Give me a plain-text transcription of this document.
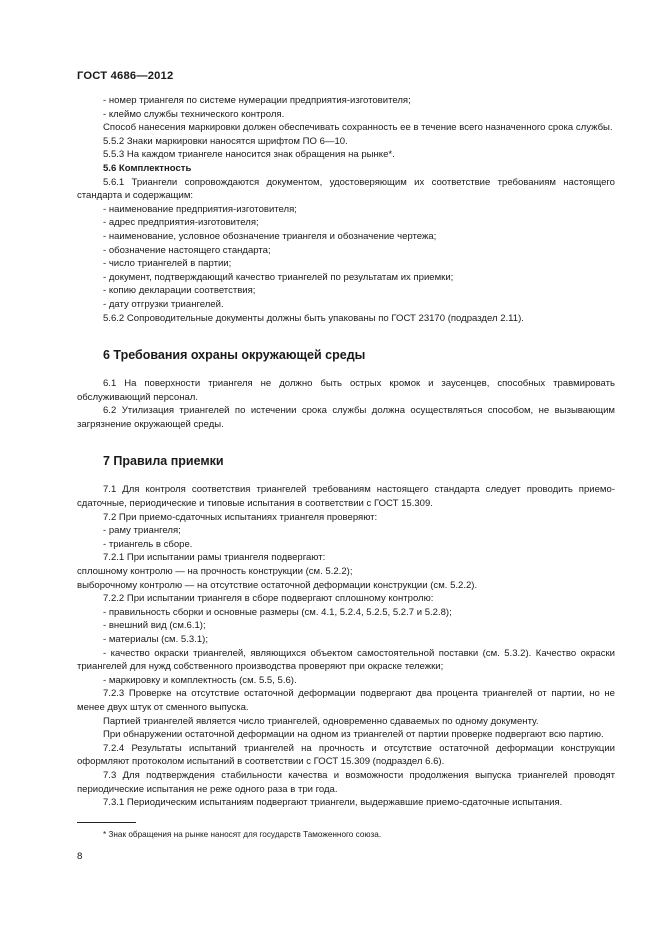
ГОСТ 4686—2012

- номер триангеля по системе нумерации предприятия-изготовителя;

- клеймо службы технического контроля.

Способ нанесения маркировки должен обеспечивать сохранность ее в течение всего назначенного срока службы.

5.5.2 Знаки маркировки наносятся шрифтом ПО 6—10.

5.5.3 На каждом триангеле наносится знак обращения на рынке*.

5.6 Комплектность

5.6.1 Триангели сопровождаются документом, удостоверяющим их соответствие требованиям настоящего стандарта и содержащим:

- наименование предприятия-изготовителя;

- адрес предприятия-изготовителя;

- наименование, условное обозначение триангеля и обозначение чертежа;

- обозначение настоящего стандарта;

- число триангелей в партии;

- документ, подтверждающий качество триангелей по результатам их приемки;

- копию декларации соответствия;

- дату отгрузки триангелей.

5.6.2 Сопроводительные документы должны быть упакованы по ГОСТ 23170 (подраздел 2.11).

6 Требования охраны окружающей среды

6.1 На поверхности триангеля не должно быть острых кромок и заусенцев, способных травмировать обслуживающий персонал.

6.2 Утилизация триангелей по истечении срока службы должна осуществляться способом, не вызывающим загрязнение окружающей среды.

7 Правила приемки

7.1 Для контроля соответствия триангелей требованиям настоящего стандарта следует проводить приемо-сдаточные, периодические и типовые испытания в соответствии с ГОСТ 15.309.

7.2 При приемо-сдаточных испытаниях триангеля проверяют:

- раму триангеля;

- триангель в сборе.

7.2.1 При испытании рамы триангеля подвергают:

сплошному контролю — на прочность конструкции (см. 5.2.2);

выборочному контролю — на отсутствие остаточной деформации конструкции (см. 5.2.2).

7.2.2 При испытании триангеля в сборе подвергают сплошному контролю:

- правильность сборки и основные размеры (см. 4.1, 5.2.4, 5.2.5, 5.2.7 и 5.2.8);

- внешний вид (см.6.1);

- материалы (см. 5.3.1);

- качество окраски триангелей, являющихся объектом самостоятельной поставки (см. 5.3.2). Качество окраски триангелей для нужд собственного производства проверяют при окраске тележки;

- маркировку и комплектность (см. 5.5, 5.6).

7.2.3 Проверке на отсутствие остаточной деформации подвергают два процента триангелей от партии, но не менее двух штук от сменного выпуска.

Партией триангелей является число триангелей, одновременно сдаваемых по одному документу.

При обнаружении остаточной деформации на одном из триангелей от партии проверке подвергают всю партию.

7.2.4 Результаты испытаний триангелей на прочность и отсутствие остаточной деформации конструкции оформляют протоколом испытаний в соответствии с ГОСТ 15.309 (подраздел 6.6).

7.3 Для подтверждения стабильности качества и возможности продолжения выпуска триангелей проводят периодические испытания не реже одного раза в три года.

7.3.1 Периодическим испытаниям подвергают триангели, выдержавшие приемо-сдаточные испытания.

* Знак обращения на рынке наносят для государств Таможенного союза.
8
